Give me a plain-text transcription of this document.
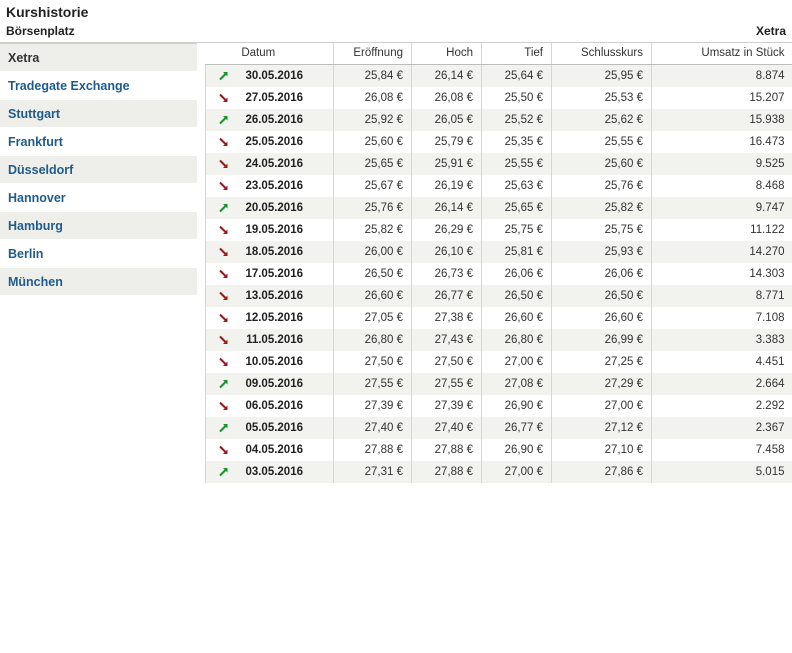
Kurshistorie
Börsenplatz	Xetra
Xetra
Tradegate Exchange
Stuttgart
Frankfurt
Düsseldorf
Hannover
Hamburg
Berlin
München
Datum	Eröffnung	Hoch	Tief	Schlusskurs	Umsatz in Stück

30.05.2016	25,84 €	26,14 €	25,64 €	25,95 €	8.874

27.05.2016	26,08 €	26,08 €	25,50 €	25,53 €	15.207

26.05.2016	25,92 €	26,05 €	25,52 €	25,62 €	15.938

25.05.2016	25,60 €	25,79 €	25,35 €	25,55 €	16.473

24.05.2016	25,65 €	25,91 €	25,55 €	25,60 €	9.525

23.05.2016	25,67 €	26,19 €	25,63 €	25,76 €	8.468

20.05.2016	25,76 €	26,14 €	25,65 €	25,82 €	9.747

19.05.2016	25,82 €	26,29 €	25,75 €	25,75 €	11.122

18.05.2016	26,00 €	26,10 €	25,81 €	25,93 €	14.270

17.05.2016	26,50 €	26,73 €	26,06 €	26,06 €	14.303

13.05.2016	26,60 €	26,77 €	26,50 €	26,50 €	8.771

12.05.2016	27,05 €	27,38 €	26,60 €	26,60 €	7.108

11.05.2016	26,80 €	27,43 €	26,80 €	26,99 €	3.383

10.05.2016	27,50 €	27,50 €	27,00 €	27,25 €	4.451

09.05.2016	27,55 €	27,55 €	27,08 €	27,29 €	2.664

06.05.2016	27,39 €	27,39 €	26,90 €	27,00 €	2.292

05.05.2016	27,40 €	27,40 €	26,77 €	27,12 €	2.367

04.05.2016	27,88 €	27,88 €	26,90 €	27,10 €	7.458

03.05.2016	27,31 €	27,88 €	27,00 €	27,86 €	5.015
